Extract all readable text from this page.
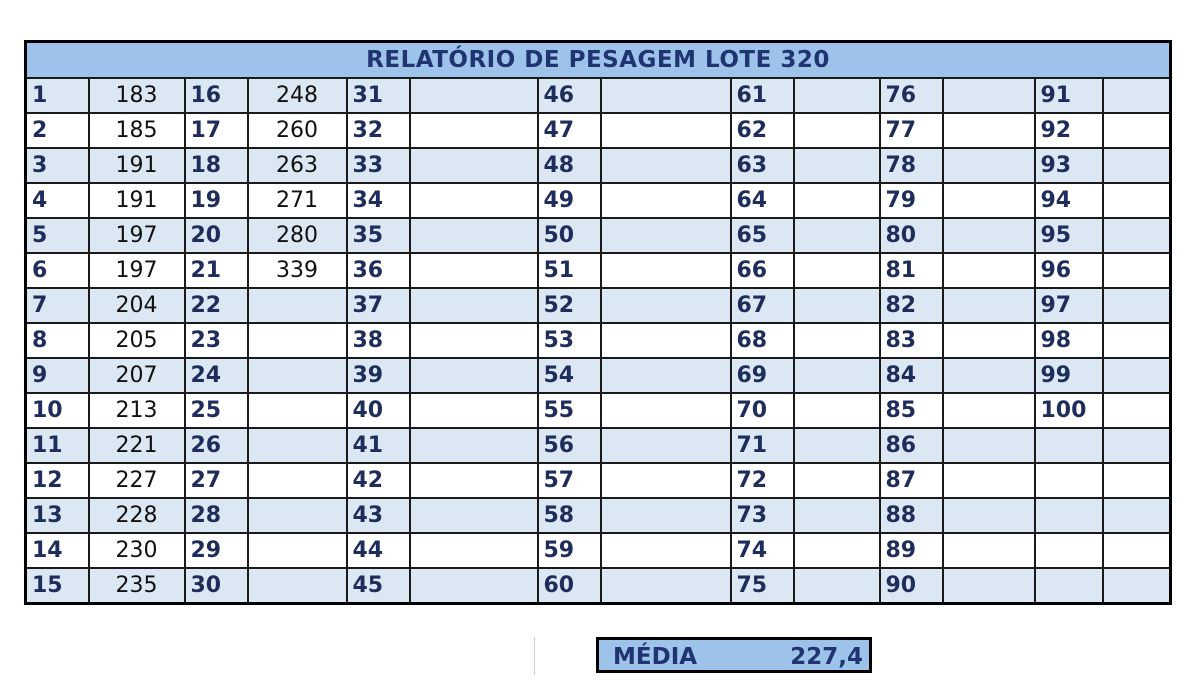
RELATÓRIO DE PESAGEM LOTE 320													
1	183	16	248	31		46		61		76		91	
2	185	17	260	32		47		62		77		92	
3	191	18	263	33		48		63		78		93	
4	191	19	271	34		49		64		79		94	
5	197	20	280	35		50		65		80		95	
6	197	21	339	36		51		66		81		96	
7	204	22		37		52		67		82		97	
8	205	23		38		53		68		83		98	
9	207	24		39		54		69		84		99	
10	213	25		40		55		70		85		100	
11	221	26		41		56		71		86			
12	227	27		42		57		72		87			
13	228	28		43		58		73		88			
14	230	29		44		59		74		89			
15	235	30		45		60		75		90			
MÉDIA	227,4
